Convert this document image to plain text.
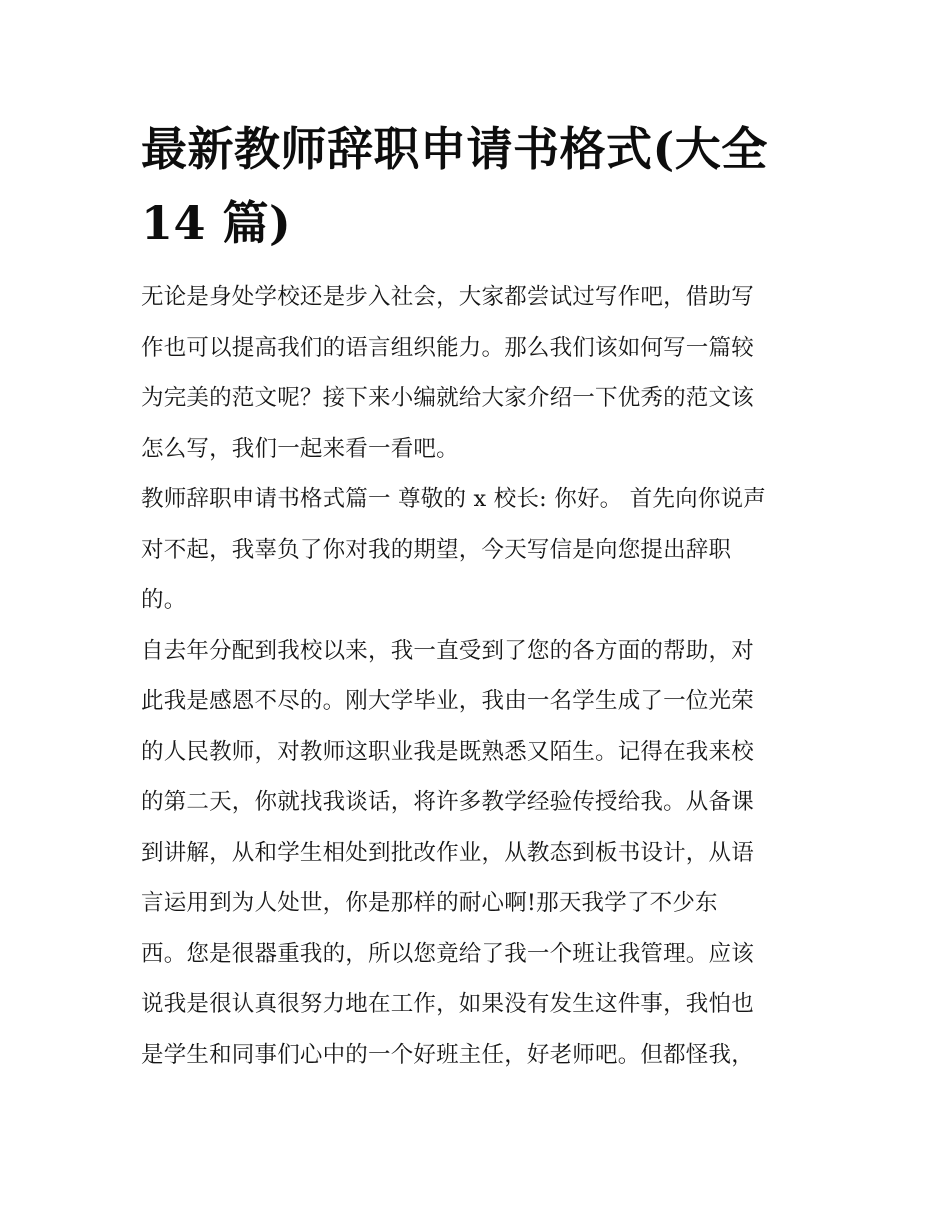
最新教师辞职申请书格式(大全
14 篇)
无论是身处学校还是步入社会，大家都尝试过写作吧，借助写
作也可以提高我们的语言组织能力。那么我们该如何写一篇较
为完美的范文呢？接下来小编就给大家介绍一下优秀的范文该
怎么写，我们一起来看一看吧。
教师辞职申请书格式篇一 尊敬的 x 校长: 你好。 首先向你说声
对不起，我辜负了你对我的期望，今天写信是向您提出辞职
的。
自去年分配到我校以来，我一直受到了您的各方面的帮助，对
此我是感恩不尽的。刚大学毕业，我由一名学生成了一位光荣
的人民教师，对教师这职业我是既熟悉又陌生。记得在我来校
的第二天，你就找我谈话，将许多教学经验传授给我。从备课
到讲解，从和学生相处到批改作业，从教态到板书设计，从语
言运用到为人处世，你是那样的耐心啊!那天我学了不少东
西。您是很器重我的，所以您竟给了我一个班让我管理。应该
说我是很认真很努力地在工作，如果没有发生这件事，我怕也
是学生和同事们心中的一个好班主任，好老师吧。但都怪我，
